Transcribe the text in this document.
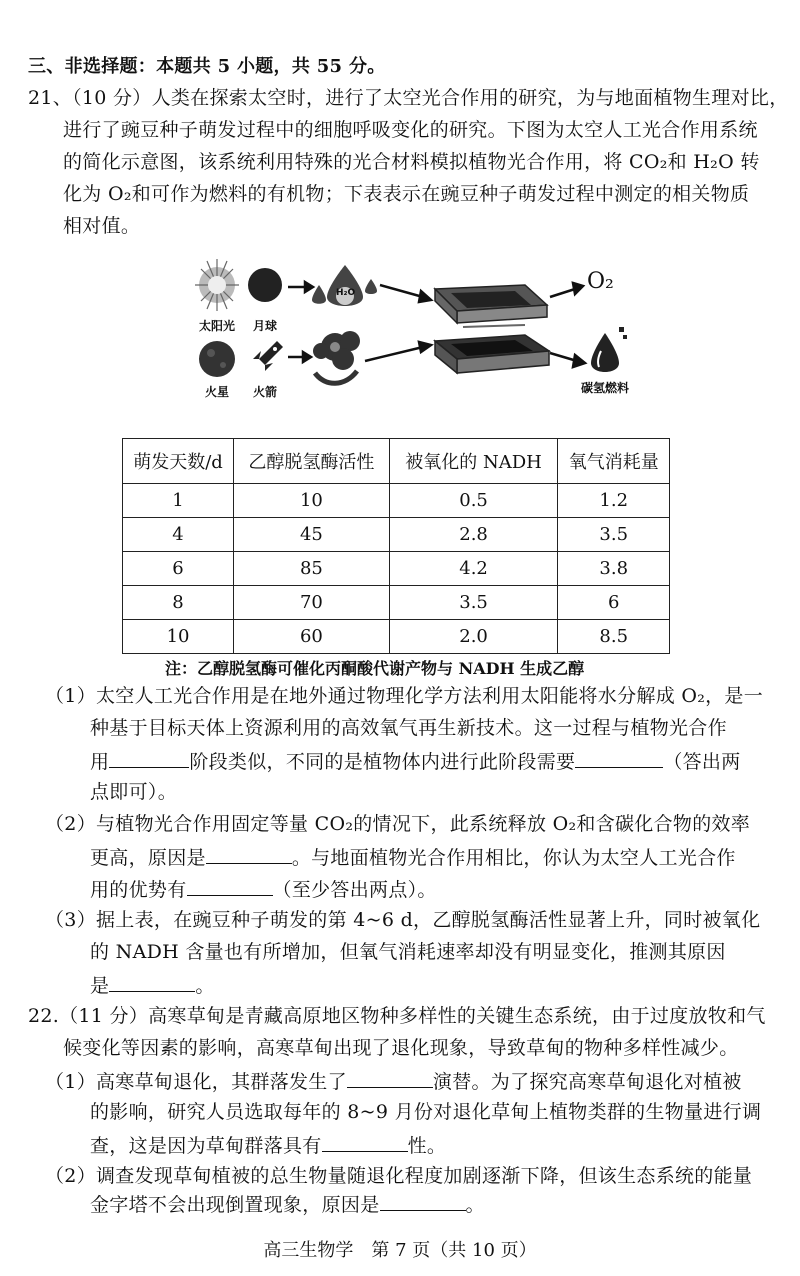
三、非选择题：本题共 5 小题，共 55 分。
21、（10 分）人类在探索太空时，进行了太空光合作用的研究，为与地面植物生理对比，
进行了豌豆种子萌发过程中的细胞呼吸变化的研究。下图为太空人工光合作用系统
的简化示意图，该系统利用特殊的光合材料模拟植物光合作用，将 CO₂和 H₂O 转
化为 O₂和可作为燃料的有机物；下表表示在豌豆种子萌发过程中测定的相关物质
相对值。
太阳光 月球
火星 火箭
H₂O	O₂
碳氢燃料
萌发天数/d	乙醇脱氢酶活性	被氧化的 NADH	氧气消耗量
1	10	0.5	1.2
4	45	2.8	3.5
6	85	4.2	3.8
8	70	3.5	6
10	60	2.0	8.5
注：乙醇脱氢酶可催化丙酮酸代谢产物与 NADH 生成乙醇
（1）太空人工光合作用是在地外通过物理化学方法利用太阳能将水分解成 O₂，是一
种基于目标天体上资源利用的高效氧气再生新技术。这一过程与植物光合作
用	阶段类似，不同的是植物体内进行此阶段需要	（答出两
点即可）。
（2）与植物光合作用固定等量 CO₂的情况下，此系统释放 O₂和含碳化合物的效率
更高，原因是	。与地面植物光合作用相比，你认为太空人工光合作
用的优势有	（至少答出两点）。
（3）据上表，在豌豆种子萌发的第 4~6 d，乙醇脱氢酶活性显著上升，同时被氧化
的 NADH 含量也有所增加，但氧气消耗速率却没有明显变化，推测其原因
是	。
22.（11 分）高寒草甸是青藏高原地区物种多样性的关键生态系统，由于过度放牧和气
候变化等因素的影响，高寒草甸出现了退化现象，导致草甸的物种多样性减少。
（1）高寒草甸退化，其群落发生了	演替。为了探究高寒草甸退化对植被
的影响，研究人员选取每年的 8~9 月份对退化草甸上植物类群的生物量进行调
查，这是因为草甸群落具有	性。
（2）调查发现草甸植被的总生物量随退化程度加剧逐渐下降，但该生态系统的能量
金字塔不会出现倒置现象，原因是	。
高三生物学　第 7 页（共 10 页）
